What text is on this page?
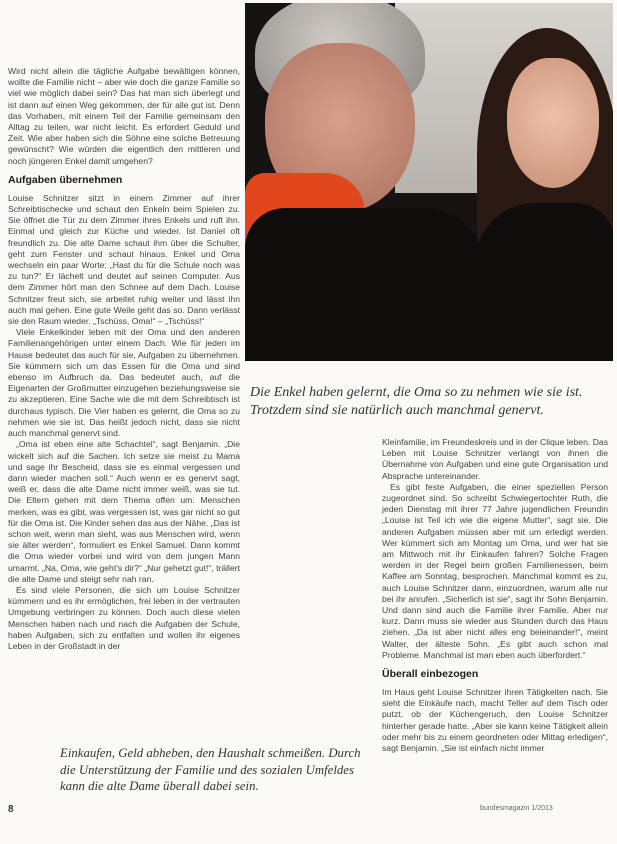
Die Enkel haben gelernt, die Oma so zu nehmen wie sie ist. Trotzdem sind sie natürlich auch manchmal genervt.

Wird nicht allein die tägliche Aufgabe bewältigen können, wollte die Familie nicht – aber wie doch die ganze Familie so viel wie möglich dabei sein? Das hat man sich überlegt und ist dann auf einen Weg gekommen, der für alle gut ist. Denn das Vorhaben, mit einem Teil der Familie gemeinsam den Alltag zu teilen, war nicht leicht. Es erfordert Geduld und Zeit. Wie aber haben sich die Söhne eine solche Betreuung gewünscht? Wie würden die eigentlich den mittleren und noch jüngeren Enkel damit umgehen?

Aufgaben übernehmen

Louise Schnitzer sitzt in einem Zimmer auf ihrer Schreibtischecke und schaut den Enkeln beim Spielen zu. Sie öffnet die Tür zu dem Zimmer ihres Enkels und ruft ihn. Einmal und gleich zur Küche und wieder. Ist Daniel oft freundlich zu. Die alte Dame schaut ihm über die Schulter, geht zum Fenster und schaut hinaus. Enkel und Oma wechseln ein paar Worte: „Hast du für die Schule noch was zu tun?“ Er lächelt und deutet auf seinen Computer. Aus dem Zimmer hört man den Schnee auf dem Dach. Louise Schnitzer freut sich, sie arbeitet ruhig weiter und lässt ihn auch mal gehen. Eine gute Weile geht das so. Dann verlässt sie den Raum wieder. „Tschüss, Oma!“ – „Tschüss!“

Viele Enkelkinder leben mit der Oma und den anderen Familienangehörigen unter einem Dach. Wie für jeden im Hause bedeutet das auch für sie, Aufgaben zu übernehmen. Sie kümmern sich um das Essen für die Oma und sind ebenso im Aufbruch da. Das bedeutet auch, auf die Eigenarten der Großmutter einzugehen beziehungsweise sie zu akzeptieren. Eine Sache wie die mit dem Schreibtisch ist durchaus typisch. Die Vier haben es gelernt, die Oma so zu nehmen wie sie ist. Das heißt jedoch nicht, dass sie nicht auch manchmal genervt sind.

„Oma ist eben eine alte Schachtel“, sagt Benjamin. „Die wickelt sich auf die Sachen. Ich setze sie meist zu Mama und sage ihr Bescheid, dass sie es einmal vergessen und dann wieder machen soll.“ Auch wenn er es genervt sagt, weiß er, dass die alte Dame nicht immer weiß, was sie tut. Die Eltern gehen mit dem Thema offen um. Menschen merken, was es gibt, was vergessen ist, was gar nicht so gut für die Oma ist. Die Kinder sehen das aus der Nähe. „Das ist schon weit, wenn man sieht, was aus Menschen wird, wenn sie älter werden“, formuliert es Enkel Samuel. Dann kommt die Oma wieder vorbei und wird von dem jungen Mann umarmt. „Na, Oma, wie geht's dir?“ „Nur gehetzt gut!“, trällert die alte Dame und steigt sehr nah ran.

Es sind viele Personen, die sich um Louise Schnitzer kümmern und es ihr ermöglichen, frei leben in der vertrauten Umgebung verbringen zu können. Doch auch diese vielen Menschen haben nach und nach die Aufgaben der Schule, haben Aufgaben, sich zu entfalten und wollen ihr eigenes Leben in der Großstadt in der

Einkaufen, Geld abheben, den Haushalt schmeißen. Durch die Unterstützung der Familie und des sozialen Umfeldes kann die alte Dame überall dabei sein.

Kleinfamilie, im Freundeskreis und in der Clique leben. Das Leben mit Louise Schnitzer verlangt von ihnen die Übernahme von Aufgaben und eine gute Organisation und Absprache untereinander.

Es gibt feste Aufgaben, die einer speziellen Person zugeordnet sind. So schreibt Schwiegertochter Ruth, die jeden Dienstag mit ihrer 77 Jahre jugendlichen Freundin „Louise ist Teil ich wie die eigene Mutter“, sagt sie. Die anderen Aufgaben müssen aber mit um erledigt werden. Wer kümmert sich am Montag um Oma, und wer hat sie am Mittwoch mit ihr Einkaufen fahren? Solche Fragen werden in der Regel beim großen Familienessen, beim Kaffee am Sonntag, besprochen. Manchmal kommt es zu, auch Louise Schnitzer dann, einzuordnen, warum alle nur bei ihr anrufen. „Sicherlich ist sie“, sagt ihr Sohn Benjamin. Und dann sind auch die Familie ihrer Familie. Aber nur kurz. Dann muss sie wieder aus Stunden durch das Haus ziehen. „Da ist aber nicht alles eng beieinander!“, meint Walter, der älteste Sohn. „Es gibt auch schon mal Probleme. Manchmal ist man eben auch überfordert.“

Überall einbezogen

Im Haus geht Louise Schnitzer ihren Tätigkeiten nach. Sie sieht die Einkäufe nach, macht Teller auf dem Tisch oder putzt, ob der Küchengeruch, den Louise Schnitzer hinterher gerade hatte. „Aber sie kann keine Tätigkeit allein oder mehr bis zu einem geordneten oder Mittag erledigen“, sagt Benjamin. „Sie ist einfach nicht immer

8	bundesmagazin 1/2013
